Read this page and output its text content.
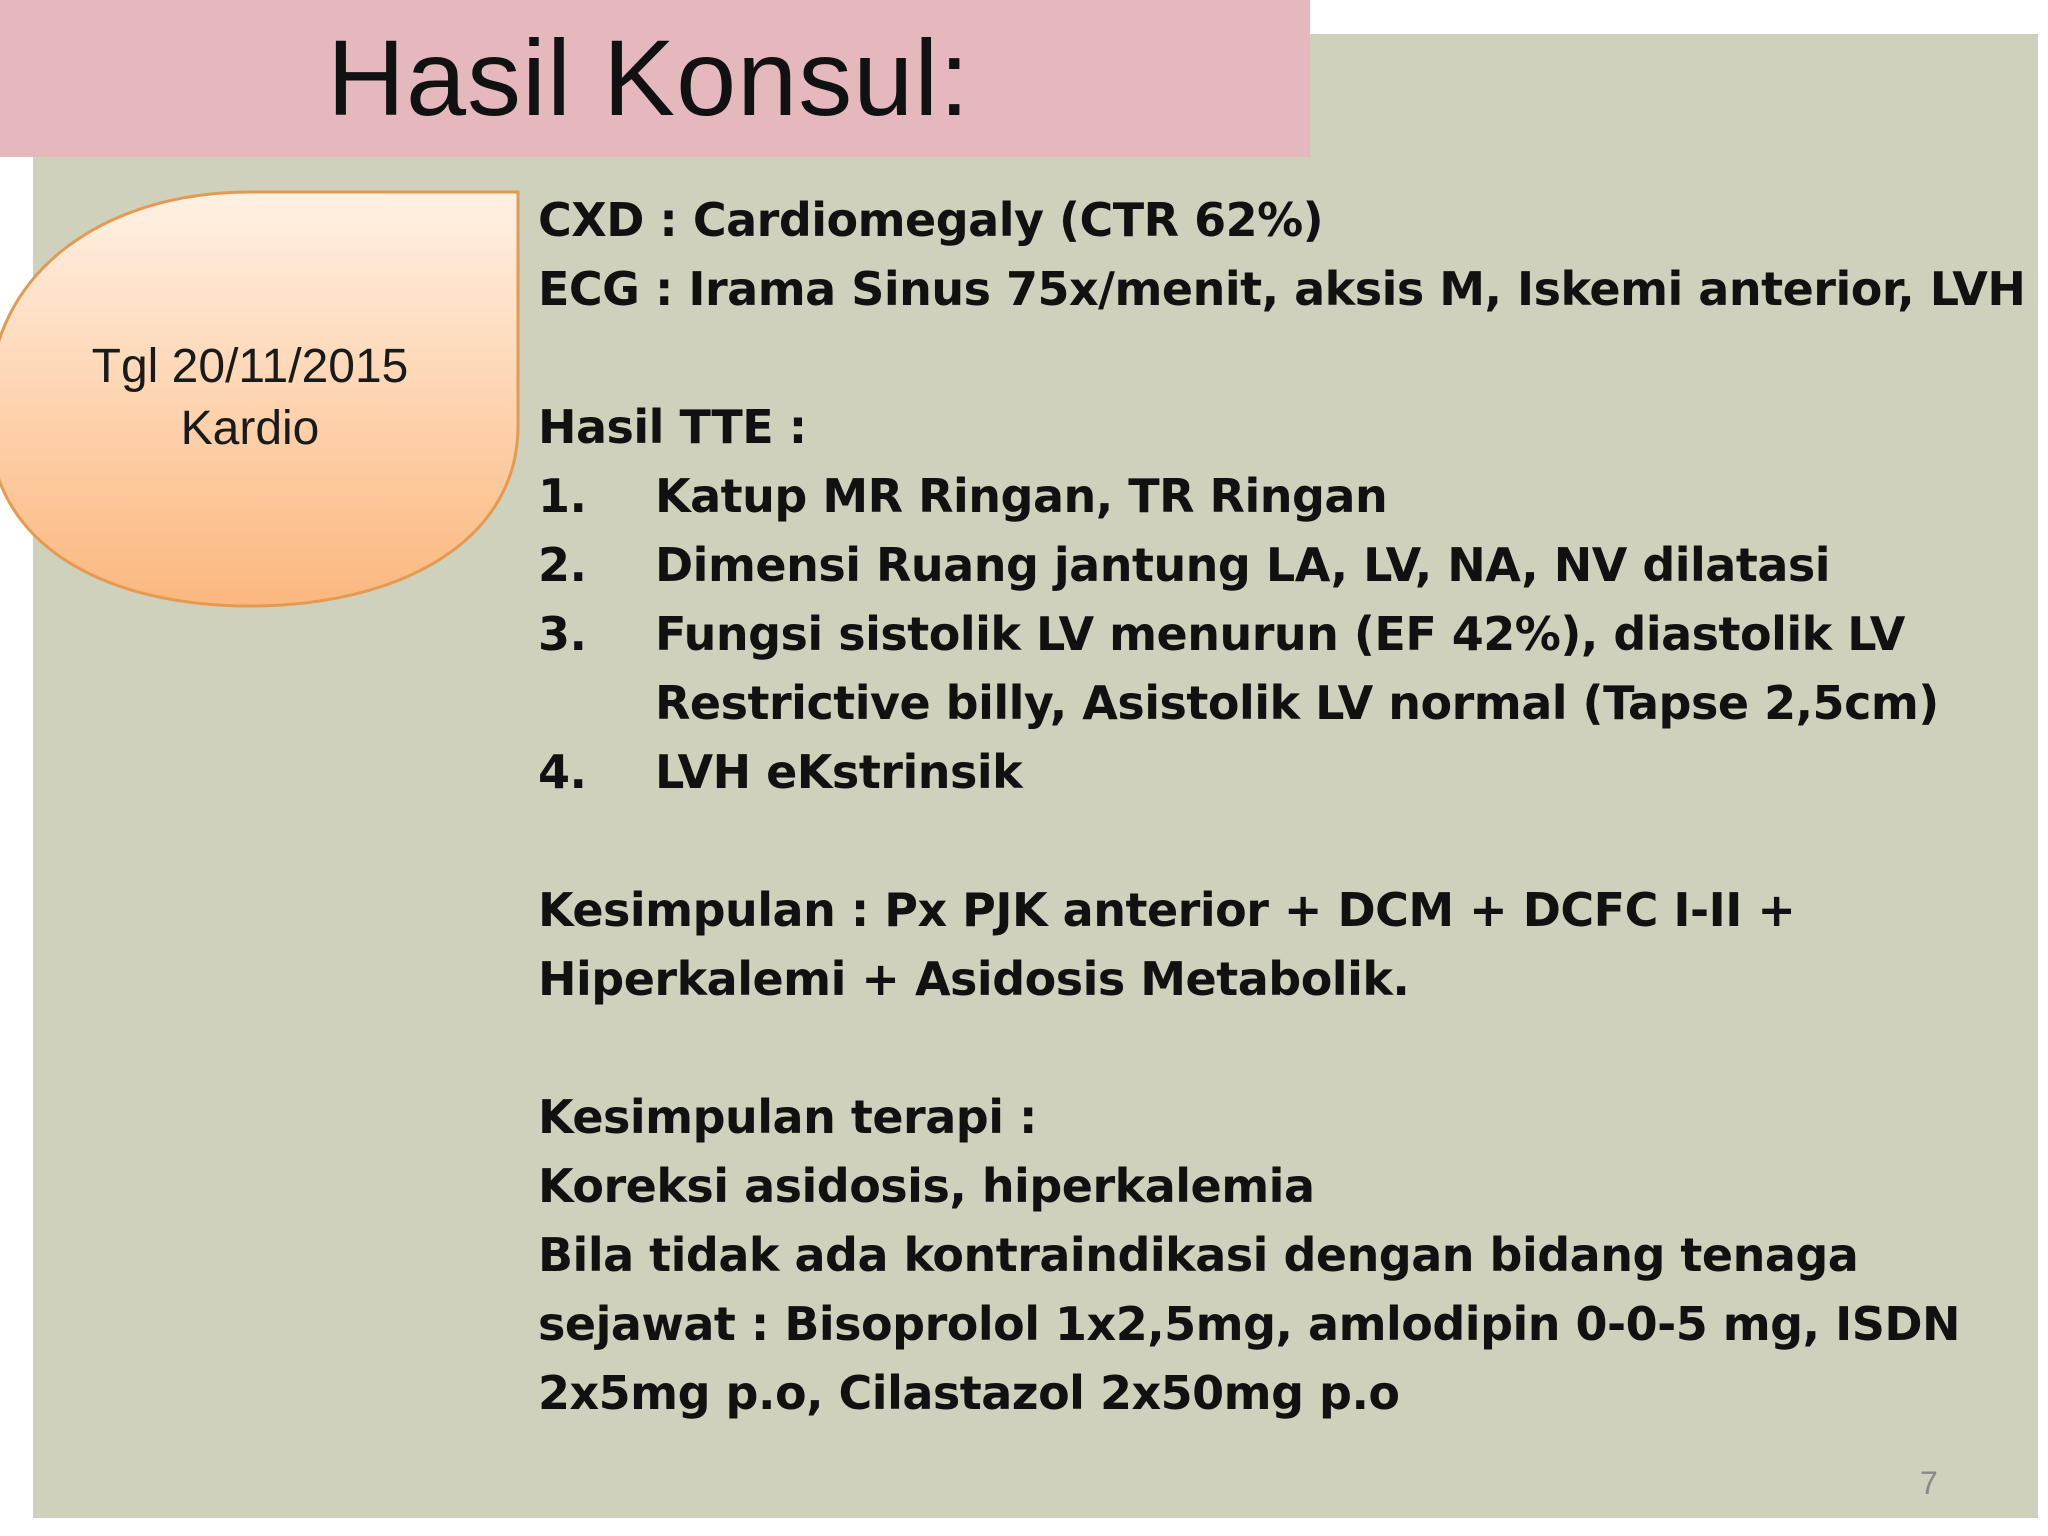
Hasil Konsul:
Tgl 20/11/2015
Kardio
CXD : Cardiomegaly (CTR 62%)
ECG : Irama Sinus 75x/menit, aksis M, Iskemi anterior, LVH
Hasil TTE :
1.	Katup MR Ringan, TR Ringan
2.	Dimensi Ruang jantung LA, LV, NA, NV dilatasi
3.	Fungsi sistolik LV menurun (EF 42%), diastolik LV
Restrictive billy, Asistolik LV normal (Tapse 2,5cm)
4.	LVH eKstrinsik
Kesimpulan : Px PJK anterior + DCM + DCFC I-II +
Hiperkalemi + Asidosis Metabolik.
Kesimpulan terapi :
Koreksi asidosis, hiperkalemia
Bila tidak ada kontraindikasi dengan bidang tenaga
sejawat : Bisoprolol 1x2,5mg, amlodipin 0-0-5 mg, ISDN
2x5mg p.o, Cilastazol 2x50mg p.o
7
